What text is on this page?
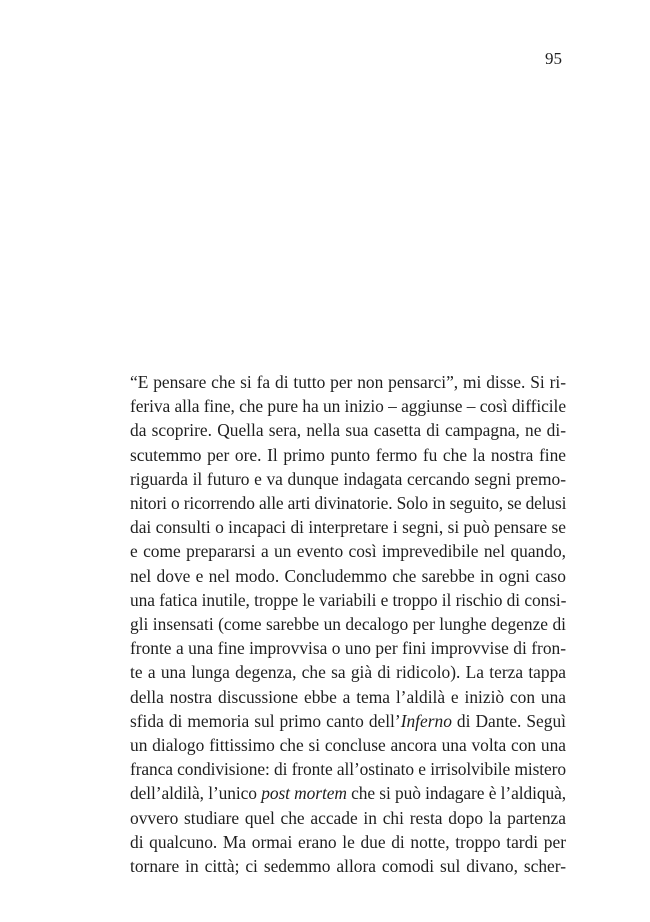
95
“E pensare che si fa di tutto per non pensarci”, mi disse. Si ri-
feriva alla fine, che pure ha un inizio – aggiunse – così difficile
da scoprire. Quella sera, nella sua casetta di campagna, ne di-
scutemmo per ore. Il primo punto fermo fu che la nostra fine
riguarda il futuro e va dunque indagata cercando segni premo-
nitori o ricorrendo alle arti divinatorie. Solo in seguito, se delusi
dai consulti o incapaci di interpretare i segni, si può pensare se
e come prepararsi a un evento così imprevedibile nel quando,
nel dove e nel modo. Concludemmo che sarebbe in ogni caso
una fatica inutile, troppe le variabili e troppo il rischio di consi-
gli insensati (come sarebbe un decalogo per lunghe degenze di
fronte a una fine improvvisa o uno per fini improvvise di fron-
te a una lunga degenza, che sa già di ridicolo). La terza tappa
della nostra discussione ebbe a tema l’aldilà e iniziò con una
sfida di memoria sul primo canto dell’Inferno di Dante. Seguì
un dialogo fittissimo che si concluse ancora una volta con una
franca condivisione: di fronte all’ostinato e irrisolvibile mistero
dell’aldilà, l’unico post mortem che si può indagare è l’aldiquà,
ovvero studiare quel che accade in chi resta dopo la partenza
di qualcuno. Ma ormai erano le due di notte, troppo tardi per
tornare in città; ci sedemmo allora comodi sul divano, scher-
